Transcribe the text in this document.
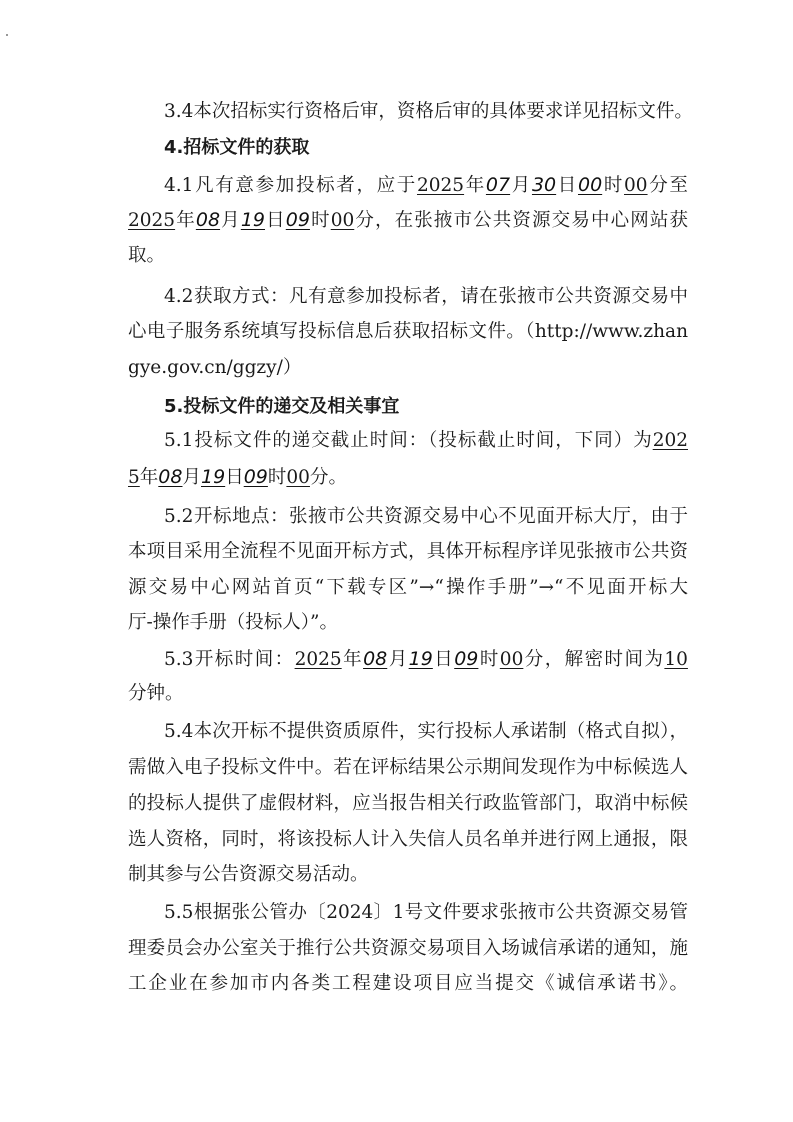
3.4本次招标实行资格后审，资格后审的具体要求详见招标文件。
4.招标文件的获取
4.1凡有意参加投标者，应于2025年07月30日00时00分至
2025年08月19日09时00分，在张掖市公共资源交易中心网站获
取。
4.2获取方式：凡有意参加投标者，请在张掖市公共资源交易中
心电子服务系统填写投标信息后获取招标文件。（http://www.zhan
gye.gov.cn/ggzy/）
5.投标文件的递交及相关事宜
5.1投标文件的递交截止时间：（投标截止时间，下同）为202
5年08月19日09时00分。
5.2开标地点：张掖市公共资源交易中心不见面开标大厅，由于
本项目采用全流程不见面开标方式，具体开标程序详见张掖市公共资
源交易中心网站首页“下载专区”→“操作手册”→“不见面开标大
厅-操作手册（投标人）”。
5.3开标时间：2025年08月19日09时00分，解密时间为10
分钟。
5.4本次开标不提供资质原件，实行投标人承诺制（格式自拟），
需做入电子投标文件中。若在评标结果公示期间发现作为中标候选人
的投标人提供了虚假材料，应当报告相关行政监管部门，取消中标候
选人资格，同时，将该投标人计入失信人员名单并进行网上通报，限
制其参与公告资源交易活动。
5.5根据张公管办〔2024〕1号文件要求张掖市公共资源交易管
理委员会办公室关于推行公共资源交易项目入场诚信承诺的通知，施
工企业在参加市内各类工程建设项目应当提交《诚信承诺书》。
